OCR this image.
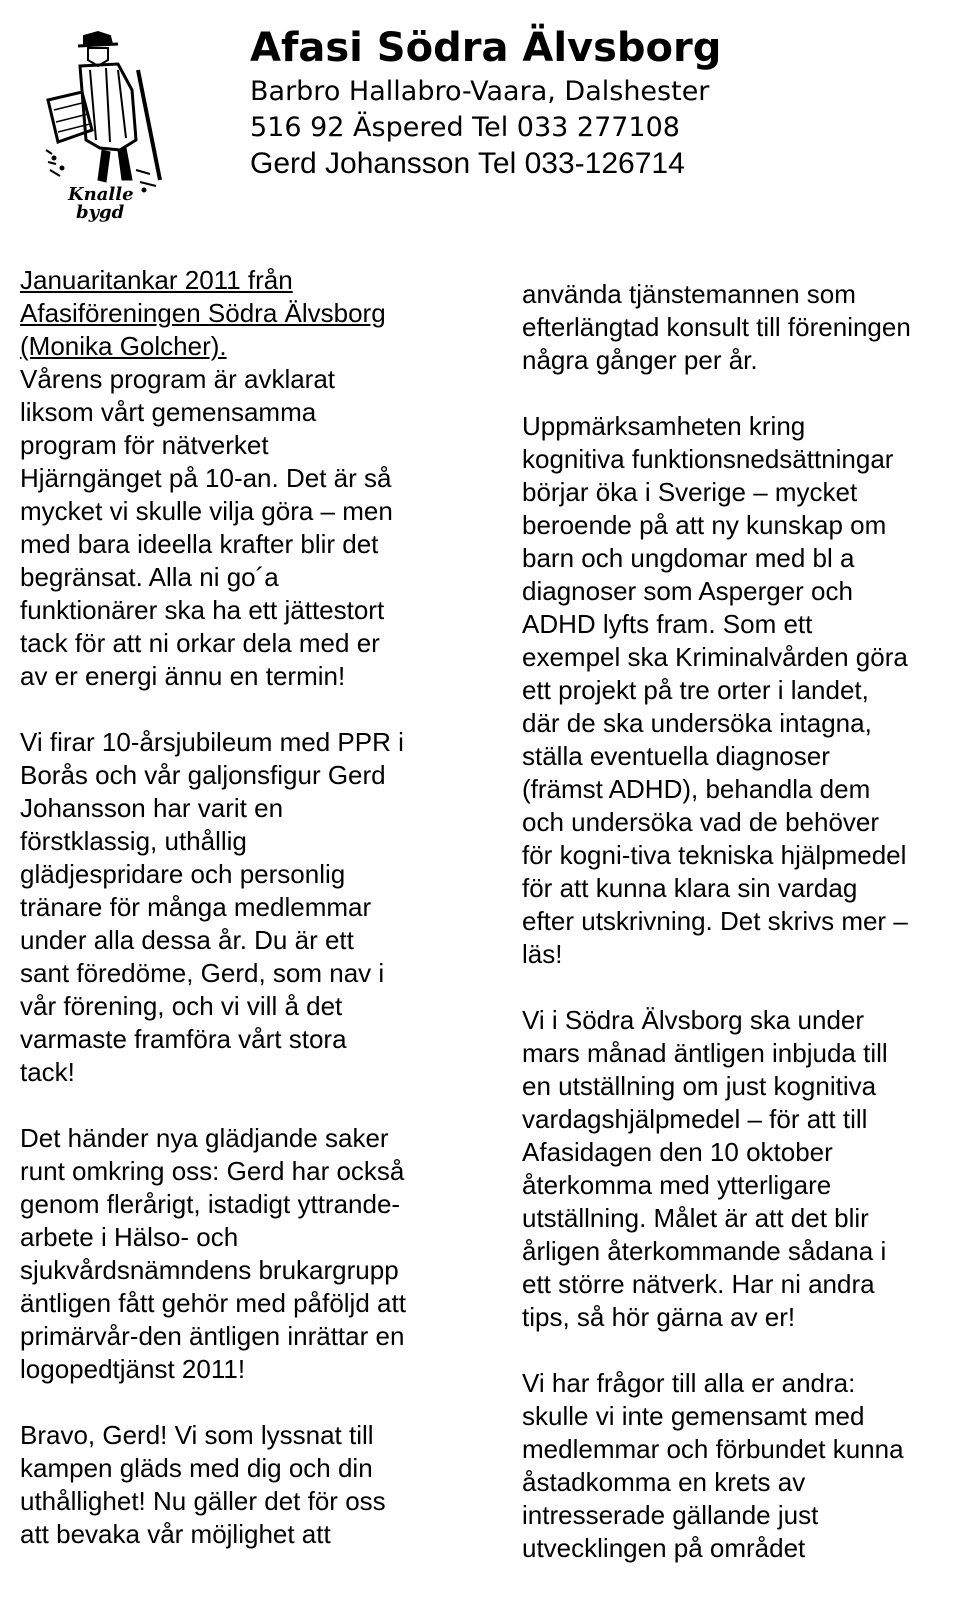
Knalle
bygd

Afasi Södra Älvsborg

Barbro Hallabro-Vaara, Dalshester

516 92 Äspered Tel 033 277108

Gerd Johansson Tel 033-126714

Januaritankar 2011 från
Afasiföreningen Södra Älvsborg
(Monika Golcher).

Vårens program är avklarat
liksom vårt gemensamma
program för nätverket
Hjärngänget på 10-an. Det är så
mycket vi skulle vilja göra – men
med bara ideella krafter blir det
begränsat. Alla ni go´a
funktionärer ska ha ett jättestort
tack för att ni orkar dela med er
av er energi ännu en termin!

Vi firar 10-årsjubileum med PPR i
Borås och vår galjonsfigur Gerd
Johansson har varit en
förstklassig, uthållig
glädjespridare och personlig
tränare för många medlemmar
under alla dessa år. Du är ett
sant föredöme, Gerd, som nav i
vår förening, och vi vill å det
varmaste framföra vårt stora
tack!

Det händer nya glädjande saker
runt omkring oss: Gerd har också
genom flerårigt, istadigt yttrande-
arbete i Hälso- och
sjukvårdsnämndens brukargrupp
äntligen fått gehör med påföljd att
primärvår-den äntligen inrättar en
logopedtjänst 2011!

Bravo, Gerd! Vi som lyssnat till
kampen gläds med dig och din
uthållighet! Nu gäller det för oss
att bevaka vår möjlighet att

använda tjänstemannen som
efterlängtad konsult till föreningen
några gånger per år.

Uppmärksamheten kring
kognitiva funktionsnedsättningar
börjar öka i Sverige – mycket
beroende på att ny kunskap om
barn och ungdomar med bl a
diagnoser som Asperger och
ADHD lyfts fram. Som ett
exempel ska Kriminalvården göra
ett projekt på tre orter i landet,
där de ska undersöka intagna,
ställa eventuella diagnoser
(främst ADHD), behandla dem
och undersöka vad de behöver
för kogni-tiva tekniska hjälpmedel
för att kunna klara sin vardag
efter utskrivning. Det skrivs mer –
läs!

Vi i Södra Älvsborg ska under
mars månad äntligen inbjuda till
en utställning om just kognitiva
vardagshjälpmedel – för att till
Afasidagen den 10 oktober
återkomma med ytterligare
utställning. Målet är att det blir
årligen återkommande sådana i
ett större nätverk. Har ni andra
tips, så hör gärna av er!

Vi har frågor till alla er andra:
skulle vi inte gemensamt med
medlemmar och förbundet kunna
åstadkomma en krets av
intresserade gällande just
utvecklingen på området
